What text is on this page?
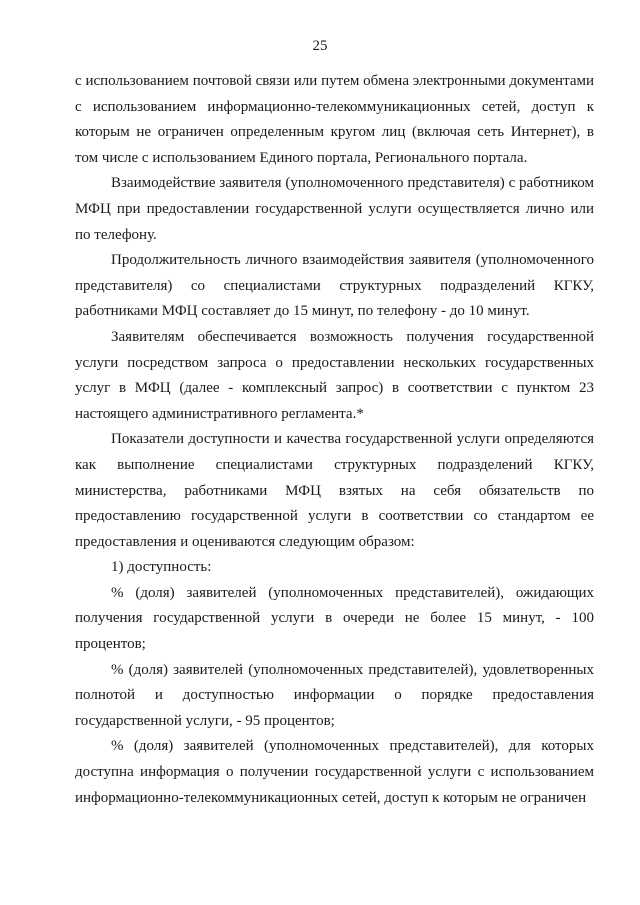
25

с использованием почтовой связи или путем обмена электронными документами с использованием информационно-телекоммуникационных сетей, доступ к которым не ограничен определенным кругом лиц (включая сеть Интернет), в том числе с использованием Единого портала, Регионального портала.

Взаимодействие заявителя (уполномоченного представителя) с работником МФЦ при предоставлении государственной услуги осуществляется лично или по телефону.

Продолжительность личного взаимодействия заявителя (уполномоченного представителя) со специалистами структурных подразделений КГКУ, работниками МФЦ составляет до 15 минут, по телефону - до 10 минут.

Заявителям обеспечивается возможность получения государственной услуги посредством запроса о предоставлении нескольких государственных услуг в МФЦ (далее - комплексный запрос) в соответствии с пунктом 23 настоящего административного регламента.*

Показатели доступности и качества государственной услуги определяются как выполнение специалистами структурных подразделений КГКУ, министерства, работниками МФЦ взятых на себя обязательств по предоставлению государственной услуги в соответствии со стандартом ее предоставления и оцениваются следующим образом:

1) доступность:

% (доля) заявителей (уполномоченных представителей), ожидающих получения государственной услуги в очереди не более 15 минут, - 100 процентов;

% (доля) заявителей (уполномоченных представителей), удовлетворенных полнотой и доступностью информации о порядке предоставления государственной услуги, - 95 процентов;

% (доля) заявителей (уполномоченных представителей), для которых доступна информация о получении государственной услуги с использованием информационно-телекоммуникационных сетей, доступ к которым не ограничен
